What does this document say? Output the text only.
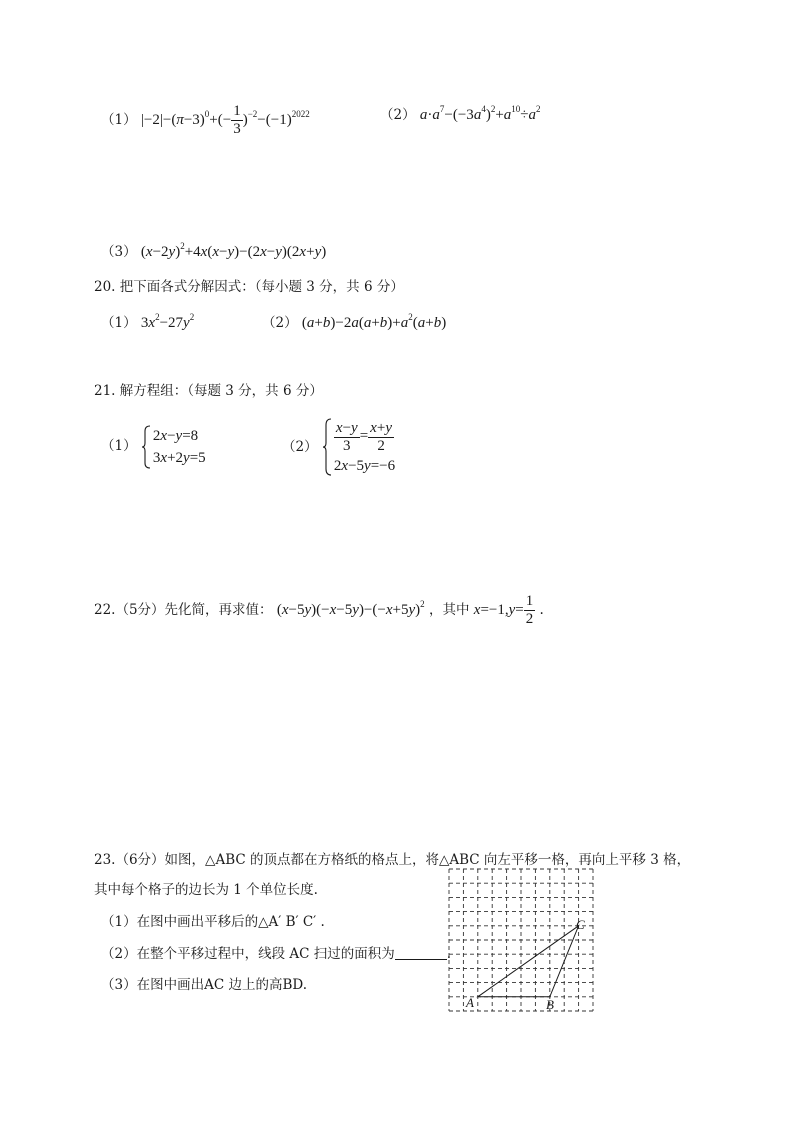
（1） $|-2|-(\pi-3)^0+(- \frac{1}{3} )^{-2}-(-1)^{2022}$	（2） $a\cdot a^7-(-3a^4)^2+a^{10}\div a^2$
（3） $(x-2y)^2+4x(x-y)-(2x-y)(2x+y)$
20. 把下面各式分解因式：（每小题 3 分，共 6 分）
（1） $3x^2-27y^2$	（2） $(a+b)-2a(a+b)+a^2(a+b)$
21. 解方程组：（每题 3 分，共 6 分）
（1）
2x−y=8
3x+2y=5
$(2) \frac{x-y}{3} = \frac{x+y}{2}$
2x−5y=−6
22.（5分）先化简，再求值： $(x-5y)(-x-5y)-(-x+5y)^2$ ，其中 $x=-1,y= \frac{1}{2}$ .
23.（6分）如图，△ABC 的顶点都在方格纸的格点上，将△ABC 向左平移一格，再向上平移 3 格，
其中每个格子的边长为 1 个单位长度.
（1）在图中画出平移后的△A′ B′ C′ .
（2）在整个平移过程中，线段 AC 扫过的面积为	.
（3）在图中画出AC 边上的高BD.
A	B
C
